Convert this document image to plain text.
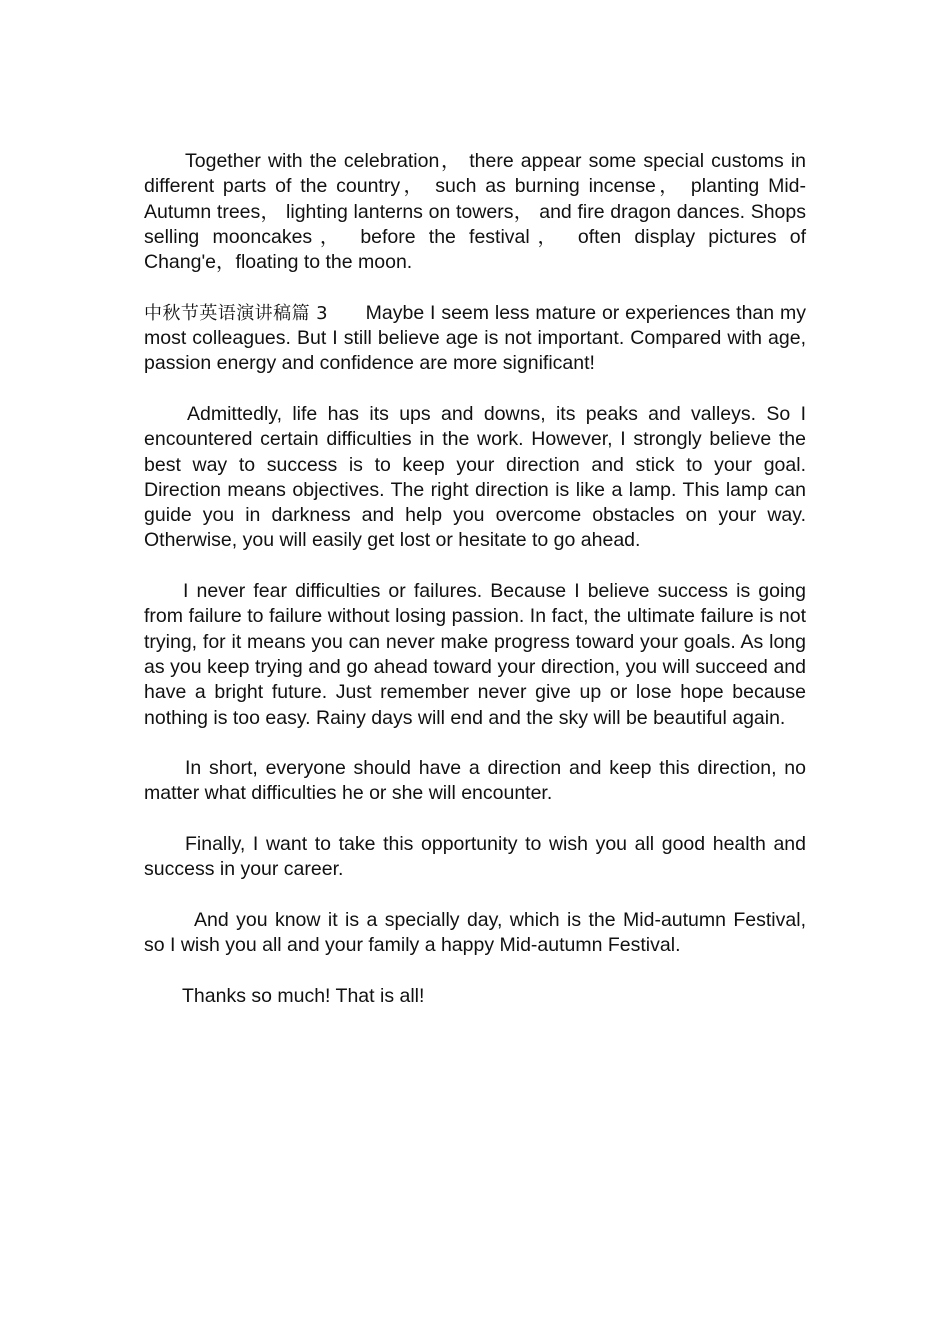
Together with the celebration， there appear some special customs in different parts of the country， such as burning incense， planting Mid-Autumn trees， lighting lanterns on towers， and fire dragon dances. Shops selling mooncakes， before the festival， often display pictures of Chang'e，floating to the moon.

中秋节英语演讲稿篇 3 Maybe I seem less mature or experiences than my most colleagues. But I still believe age is not important. Compared with age, passion energy and confidence are more significant!

Admittedly, life has its ups and downs, its peaks and valleys. So I encountered certain difficulties in the work. However, I strongly believe the best way to success is to keep your direction and stick to your goal. Direction means objectives. The right direction is like a lamp. This lamp can guide you in darkness and help you overcome obstacles on your way. Otherwise, you will easily get lost or hesitate to go ahead.

I never fear difficulties or failures. Because I believe success is going from failure to failure without losing passion. In fact, the ultimate failure is not trying, for it means you can never make progress toward your goals. As long as you keep trying and go ahead toward your direction, you will succeed and have a bright future. Just remember never give up or lose hope because nothing is too easy. Rainy days will end and the sky will be beautiful again.

In short, everyone should have a direction and keep this direction, no matter what difficulties he or she will encounter.

Finally, I want to take this opportunity to wish you all good health and success in your career.

And you know it is a specially day, which is the Mid-autumn Festival, so I wish you all and your family a happy Mid-autumn Festival.

Thanks so much! That is all!
